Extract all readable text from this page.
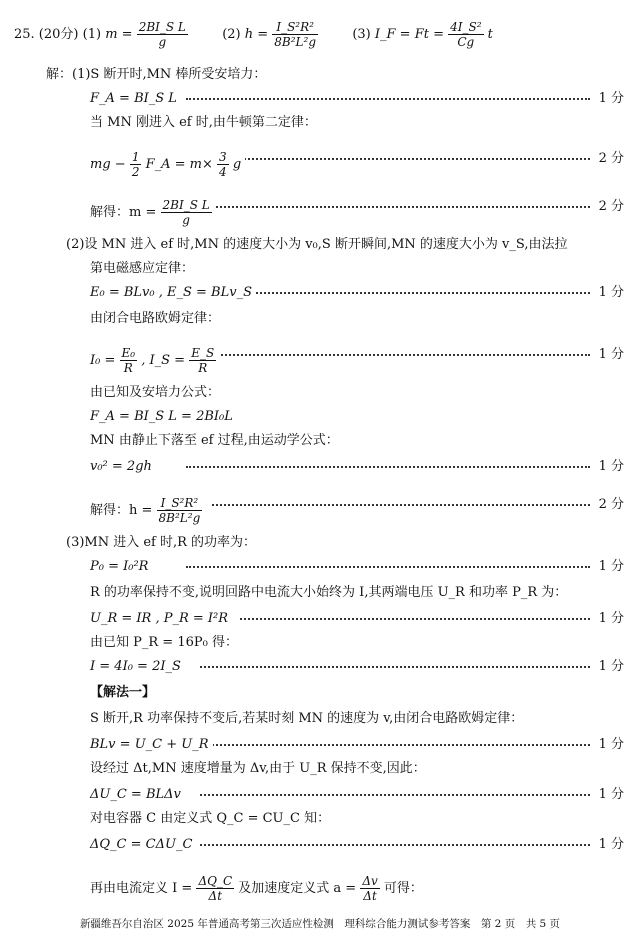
25. (20分) (1) $m = \frac{\text{2BI\_S L}}{g}$	(2) $h = \frac{\text{I\_S²R²}}{\text{8B²L²g}}$	(3) I_F = $Ft = \frac{\text{4I\_S²}}{Cg}$ t
解：(1)S 断开时,MN 棒所受安培力：
F_A = BI_S L	1 分
当 MN 刚进入 ef 时,由牛顿第二定律：
mg − $\frac{1}{2}$ F_A = $m\times \frac{3}{4}$ g	2 分
解得：$m = \frac{\text{2BI\_S L}}{g}$	2 分
(2)设 MN 进入 ef 时,MN 的速度大小为 v₀,S 断开瞬间,MN 的速度大小为 v_S,由法拉
第电磁感应定律：
E₀ = BLv₀ , E_S = BLv_S	1 分
由闭合电路欧姆定律：
$I_0 = \frac{\text{E₀}}{R}$ , I_S = $\frac{E\_S}{R}$	1 分
由已知及安培力公式：
F_A = BI_S L = 2BI₀L
MN 由静止下落至 ef 过程,由运动学公式：
v₀² = 2gh	1 分
解得：$h = \frac{\text{I\_S²R²}}{\text{8B²L²g}}$	2 分
(3)MN 进入 ef 时,R 的功率为：
P₀ = I₀²R	1 分
R 的功率保持不变,说明回路中电流大小始终为 I,其两端电压 U_R 和功率 P_R 为：
U_R = IR , P_R = I²R	1 分
由已知 P_R = 16P₀ 得：
I = 4I₀ = 2I_S	1 分
【解法一】
S 断开,R 功率保持不变后,若某时刻 MN 的速度为 v,由闭合电路欧姆定律：
BLv = U_C + U_R	1 分
设经过 Δt,MN 速度增量为 Δv,由于 U_R 保持不变,因此：
ΔU_C = BLΔv	1 分
对电容器 C 由定义式 Q_C = CU_C 知：
ΔQ_C = CΔU_C	1 分
再由电流定义 $I = \frac{\Delta Q\_C}{\Delta t}$ 及加速度定义式 $a = \frac{\Delta v}{\Delta t}$ 可得：
新疆维吾尔自治区 2025 年普通高考第三次适应性检测　理科综合能力测试参考答案　第 2 页　共 5 页
